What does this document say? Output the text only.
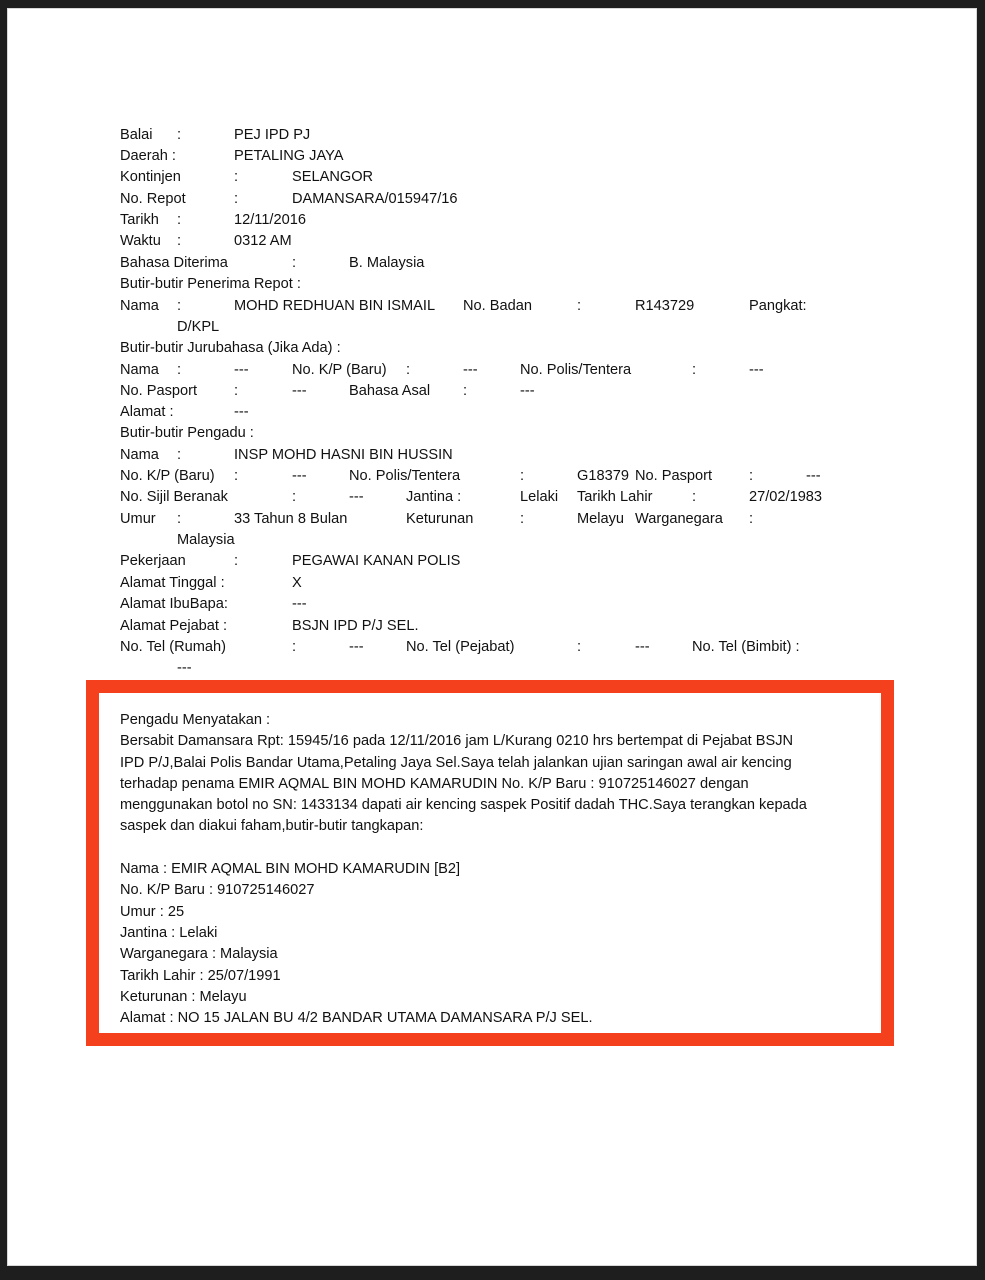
Balai :	PEJ IPD PJ
Daerah :	PETALING JAYA
Kontinjen	:	SELANGOR
No. Repot	:	DAMANSARA/015947/16
Tarikh :	12/11/2016
Waktu :	0312 AM
Bahasa Diterima	:	B. Malaysia
Butir-butir Penerima Repot :
Nama :	MOHD REDHUAN BIN ISMAIL No. Badan	:	R143729	Pangkat:
D/KPL
Butir-butir Jurubahasa (Jika Ada) :
Nama :	---	No. K/P (Baru) :	---	No. Polis/Tentera	:	---
No. Pasport	:	---	Bahasa Asal :	---
Alamat :	---
Butir-butir Pengadu :
Nama :	INSP MOHD HASNI BIN HUSSIN
No. K/P (Baru) :	---	No. Polis/Tentera	:	G18379 No. Pasport	:	---
No. Sijil Beranak	:	---	Jantina :	Lelaki Tarikh Lahir	:	27/02/1983
Umur :	33 Tahun 8 Bulan	Keturunan	:	Melayu Warganegara :
Malaysia
Pekerjaan	:	PEGAWAI KANAN POLIS
Alamat Tinggal :	X
Alamat IbuBapa:	---
Alamat Pejabat :	BSJN IPD P/J SEL.
No. Tel (Rumah)	:	---	No. Tel (Pejabat)	:	---	No. Tel (Bimbit) :
---

Pengadu Menyatakan :

Bersabit Damansara Rpt: 15945/16 pada 12/11/2016 jam L/Kurang 0210 hrs bertempat di Pejabat BSJN

IPD P/J,Balai Polis Bandar Utama,Petaling Jaya Sel.Saya telah jalankan ujian saringan awal air kencing

terhadap penama EMIR AQMAL BIN MOHD KAMARUDIN No. K/P Baru : 910725146027 dengan

menggunakan botol no SN: 1433134 dapati air kencing saspek Positif dadah THC.Saya terangkan kepada

saspek dan diakui faham,butir-butir tangkapan:

Nama : EMIR AQMAL BIN MOHD KAMARUDIN [B2]

No. K/P Baru : 910725146027

Umur : 25

Jantina : Lelaki

Warganegara : Malaysia

Tarikh Lahir : 25/07/1991

Keturunan : Melayu

Alamat : NO 15 JALAN BU 4/2 BANDAR UTAMA DAMANSARA P/J SEL.
